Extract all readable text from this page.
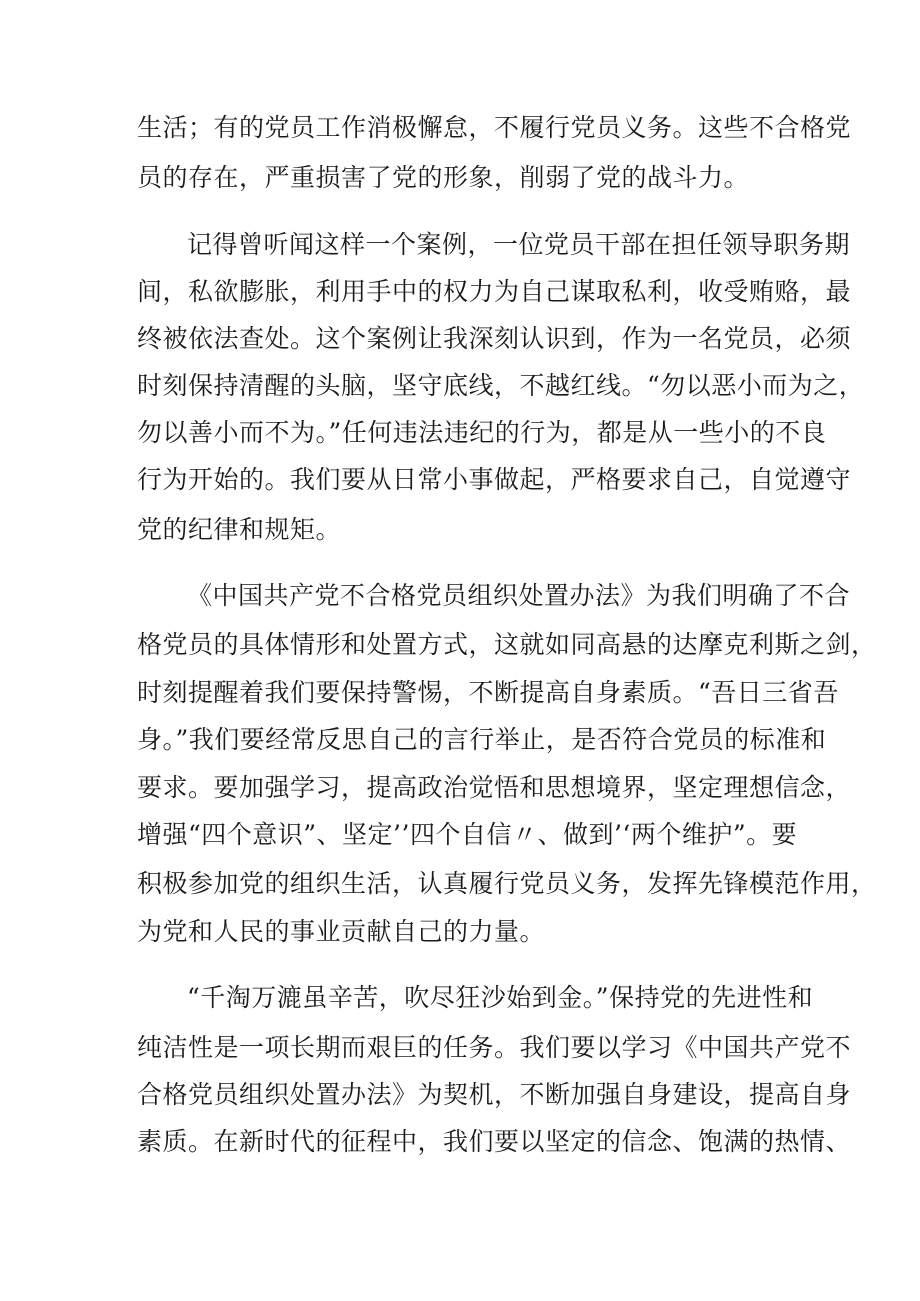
生活；有的党员工作消极懈怠，不履行党员义务。这些不合格党

员的存在，严重损害了党的形象，削弱了党的战斗力。

记得曾听闻这样一个案例，一位党员干部在担任领导职务期

间，私欲膨胀，利用手中的权力为自己谋取私利，收受贿赂，最

终被依法查处。这个案例让我深刻认识到，作为一名党员，必须

时刻保持清醒的头脑，坚守底线，不越红线。“勿以恶小而为之，

勿以善小而不为。”任何违法违纪的行为，都是从一些小的不良

行为开始的。我们要从日常小事做起，严格要求自己，自觉遵守

党的纪律和规矩。

《中国共产党不合格党员组织处置办法》为我们明确了不合

格党员的具体情形和处置方式，这就如同高悬的达摩克利斯之剑，

时刻提醒着我们要保持警惕，不断提高自身素质。“吾日三省吾

身。”我们要经常反思自己的言行举止，是否符合党员的标准和

要求。要加强学习，提高政治觉悟和思想境界，坚定理想信念，

增强“四个意识”、坚定’’四个自信〃、做到’‘两个维护”。要

积极参加党的组织生活，认真履行党员义务，发挥先锋模范作用，

为党和人民的事业贡献自己的力量。

“千淘万漉虽辛苦，吹尽狂沙始到金。”保持党的先进性和

纯洁性是一项长期而艰巨的任务。我们要以学习《中国共产党不

合格党员组织处置办法》为契机，不断加强自身建设，提高自身

素质。在新时代的征程中，我们要以坚定的信念、饱满的热情、
